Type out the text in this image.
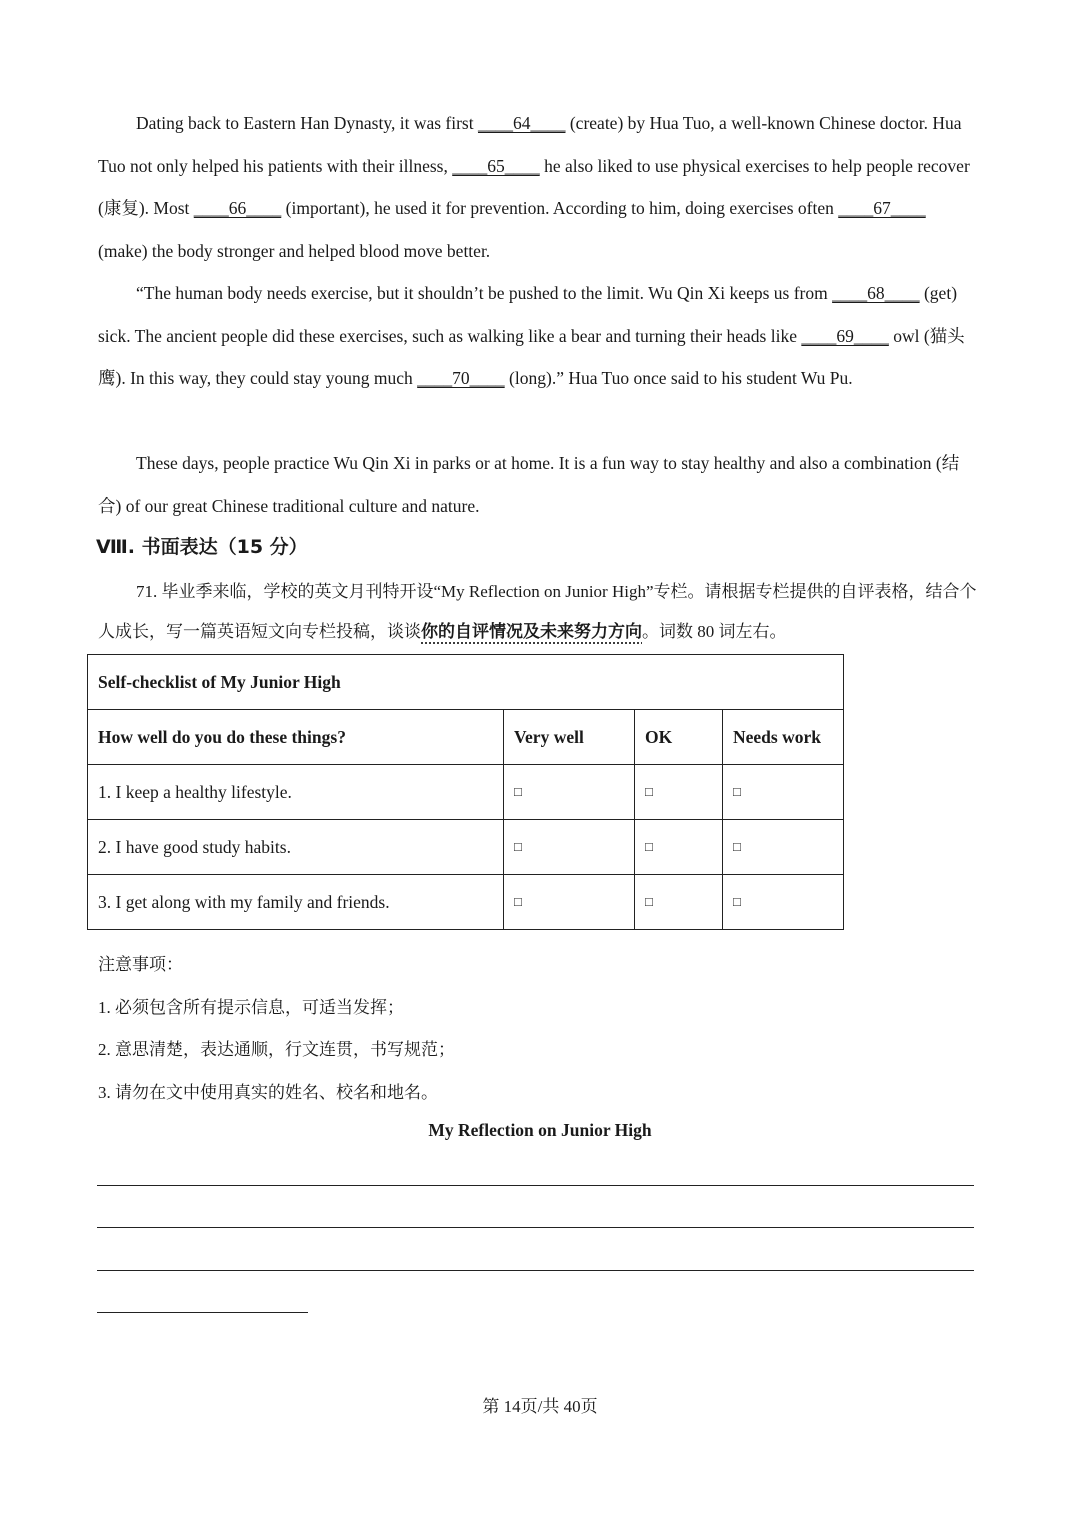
Dating back to Eastern Han Dynasty, it was first ____64____ (create) by Hua Tuo, a well-known Chinese doctor. Hua Tuo not only helped his patients with their illness, ____65____ he also liked to use physical exercises to help people recover (康复). Most ____66____ (important), he used it for prevention. According to him, doing exercises often ____67____ (make) the body stronger and helped blood move better.

“The human body needs exercise, but it shouldn’t be pushed to the limit. Wu Qin Xi keeps us from ____68____ (get) sick. The ancient people did these exercises, such as walking like a bear and turning their heads like ____69____ owl (猫头鹰). In this way, they could stay young much ____70____ (long).” Hua Tuo once said to his student Wu Pu.

These days, people practice Wu Qin Xi in parks or at home. It is a fun way to stay healthy and also a combination (结合) of our great Chinese traditional culture and nature.

Ⅷ. 书面表达（15 分）
71. 毕业季来临，学校的英文月刊特开设“My Reflection on Junior High”专栏。请根据专栏提供的自评表格，结合个人成长，写一篇英语短文向专栏投稿，谈谈你的自评情况及未来努力方向。词数 80 词左右。
Self-checklist of My Junior High			
How well do you do these things?	Very well	OK	Needs work
1. I keep a healthy lifestyle.	□	□	□
2. I have good study habits.	□	□	□
3. I get along with my family and friends.	□	□	□
注意事项：
1. 必须包含所有提示信息，可适当发挥；
2. 意思清楚，表达通顺，行文连贯，书写规范；
3. 请勿在文中使用真实的姓名、校名和地名。
My Reflection on Junior High
第 14页/共 40页
